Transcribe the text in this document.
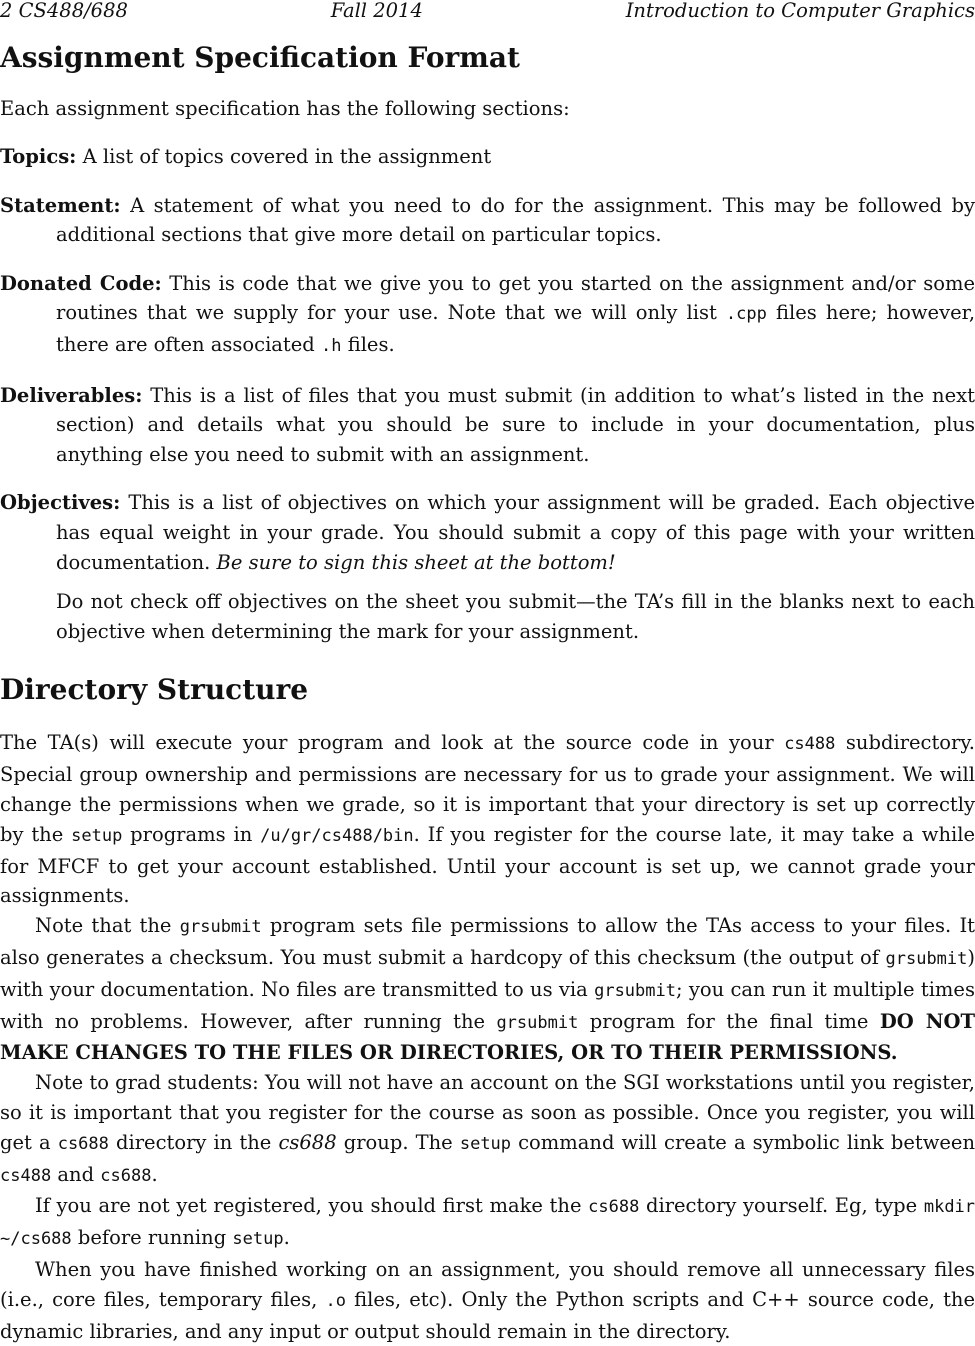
2 CS488/688	Fall 2014	Introduction to Computer Graphics
Assignment Specification Format

Each assignment specification has the following sections:

Topics: A list of topics covered in the assignment
Statement: A statement of what you need to do for the assignment. This may be followed by additional sections that give more detail on particular topics.
Donated Code: This is code that we give you to get you started on the assignment and/or some routines that we supply for your use. Note that we will only list .cpp files here; however, there are often associated .h files.
Deliverables: This is a list of files that you must submit (in addition to what’s listed in the next section) and details what you should be sure to include in your documentation, plus anything else you need to submit with an assignment.
Objectives: This is a list of objectives on which your assignment will be graded. Each objective has equal weight in your grade. You should submit a copy of this page with your written documentation. Be sure to sign this sheet at the bottom!
Do not check off objectives on the sheet you submit—the TA’s fill in the blanks next to each objective when determining the mark for your assignment.
Directory Structure

The TA(s) will execute your program and look at the source code in your cs488 subdirectory. Special group ownership and permissions are necessary for us to grade your assignment. We will change the permissions when we grade, so it is important that your directory is set up correctly by the setup programs in /u/gr/cs488/bin. If you register for the course late, it may take a while for MFCF to get your account established. Until your account is set up, we cannot grade your assignments.

Note that the grsubmit program sets file permissions to allow the TAs access to your files. It also generates a checksum. You must submit a hardcopy of this checksum (the output of grsubmit) with your documentation. No files are transmitted to us via grsubmit; you can run it multiple times with no problems. However, after running the grsubmit program for the final time DO NOT MAKE CHANGES TO THE FILES OR DIRECTORIES, OR TO THEIR PERMISSIONS.

Note to grad students: You will not have an account on the SGI workstations until you register, so it is important that you register for the course as soon as possible. Once you register, you will get a cs688 directory in the cs688 group. The setup command will create a symbolic link between cs488 and cs688.

If you are not yet registered, you should first make the cs688 directory yourself. Eg, type mkdir ~/cs688 before running setup.

When you have finished working on an assignment, you should remove all unnecessary files (i.e., core files, temporary files, .o files, etc). Only the Python scripts and C++ source code, the dynamic libraries, and any input or output should remain in the directory.
